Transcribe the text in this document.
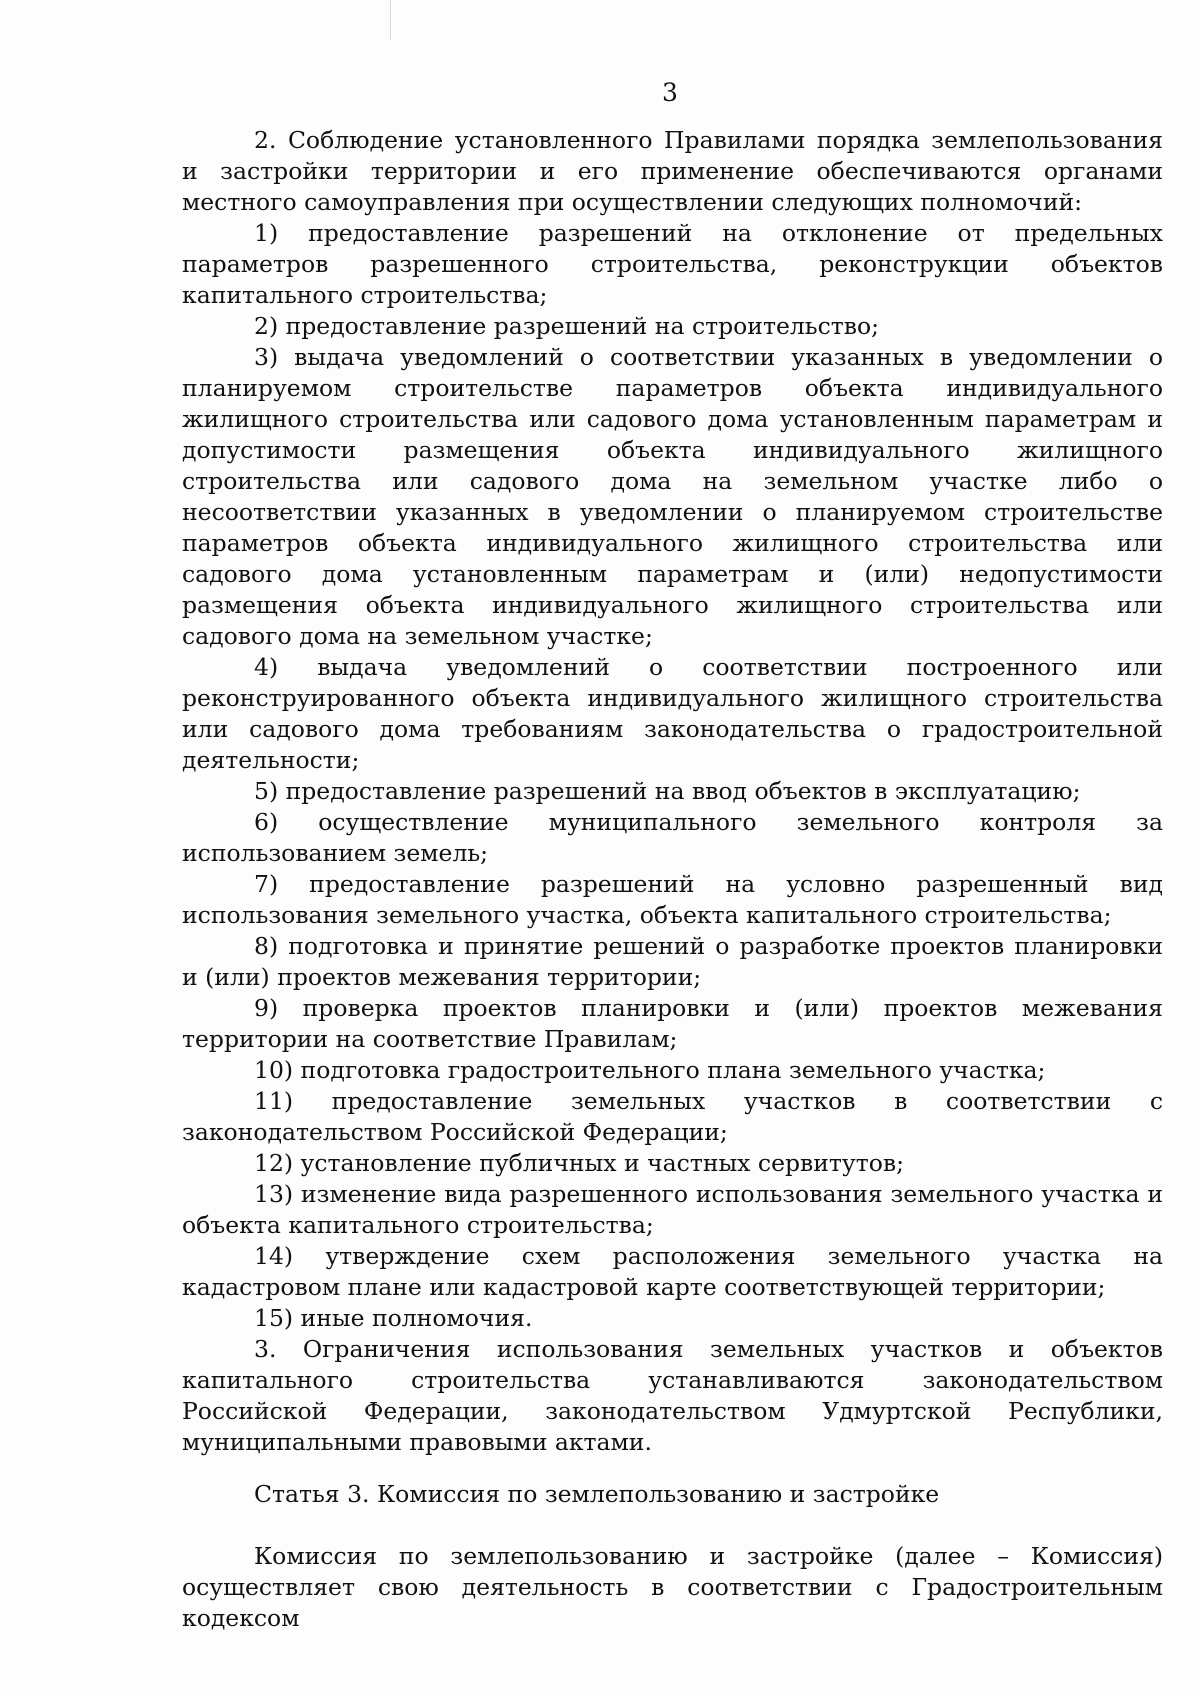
3

2. Соблюдение установленного Правилами порядка землепользования и застройки территории и его применение обеспечиваются органами местного самоуправления при осуществлении следующих полномочий:

1) предоставление разрешений на отклонение от предельных параметров разрешенного строительства, реконструкции объектов капитального строительства;

2) предоставление разрешений на строительство;

3) выдача уведомлений о соответствии указанных в уведомлении о планируемом строительстве параметров объекта индивидуального жилищного строительства или садового дома установленным параметрам и допустимости размещения объекта индивидуального жилищного строительства или садового дома на земельном участке либо о несоответствии указанных в уведомлении о планируемом строительстве параметров объекта индивидуального жилищного строительства или садового дома установленным параметрам и (или) недопустимости размещения объекта индивидуального жилищного строительства или садового дома на земельном участке;

4) выдача уведомлений о соответствии построенного или реконструированного объекта индивидуального жилищного строительства или садового дома требованиям законодательства о градостроительной деятельности;

5) предоставление разрешений на ввод объектов в эксплуатацию;

6) осуществление муниципального земельного контроля за использованием земель;

7) предоставление разрешений на условно разрешенный вид использования земельного участка, объекта капитального строительства;

8) подготовка и принятие решений о разработке проектов планировки и (или) проектов межевания территории;

9) проверка проектов планировки и (или) проектов межевания территории на соответствие Правилам;

10) подготовка градостроительного плана земельного участка;

11) предоставление земельных участков в соответствии с законодательством Российской Федерации;

12) установление публичных и частных сервитутов;

13) изменение вида разрешенного использования земельного участка и объекта капитального строительства;

14) утверждение схем расположения земельного участка на кадастровом плане или кадастровой карте соответствующей территории;

15) иные полномочия.

3. Ограничения использования земельных участков и объектов капитального строительства устанавливаются законодательством Российской Федерации, законодательством Удмуртской Республики, муниципальными правовыми актами.

Статья 3. Комиссия по землепользованию и застройке

Комиссия по землепользованию и застройке (далее – Комиссия) осуществляет свою деятельность в соответствии с Градостроительным кодексом
